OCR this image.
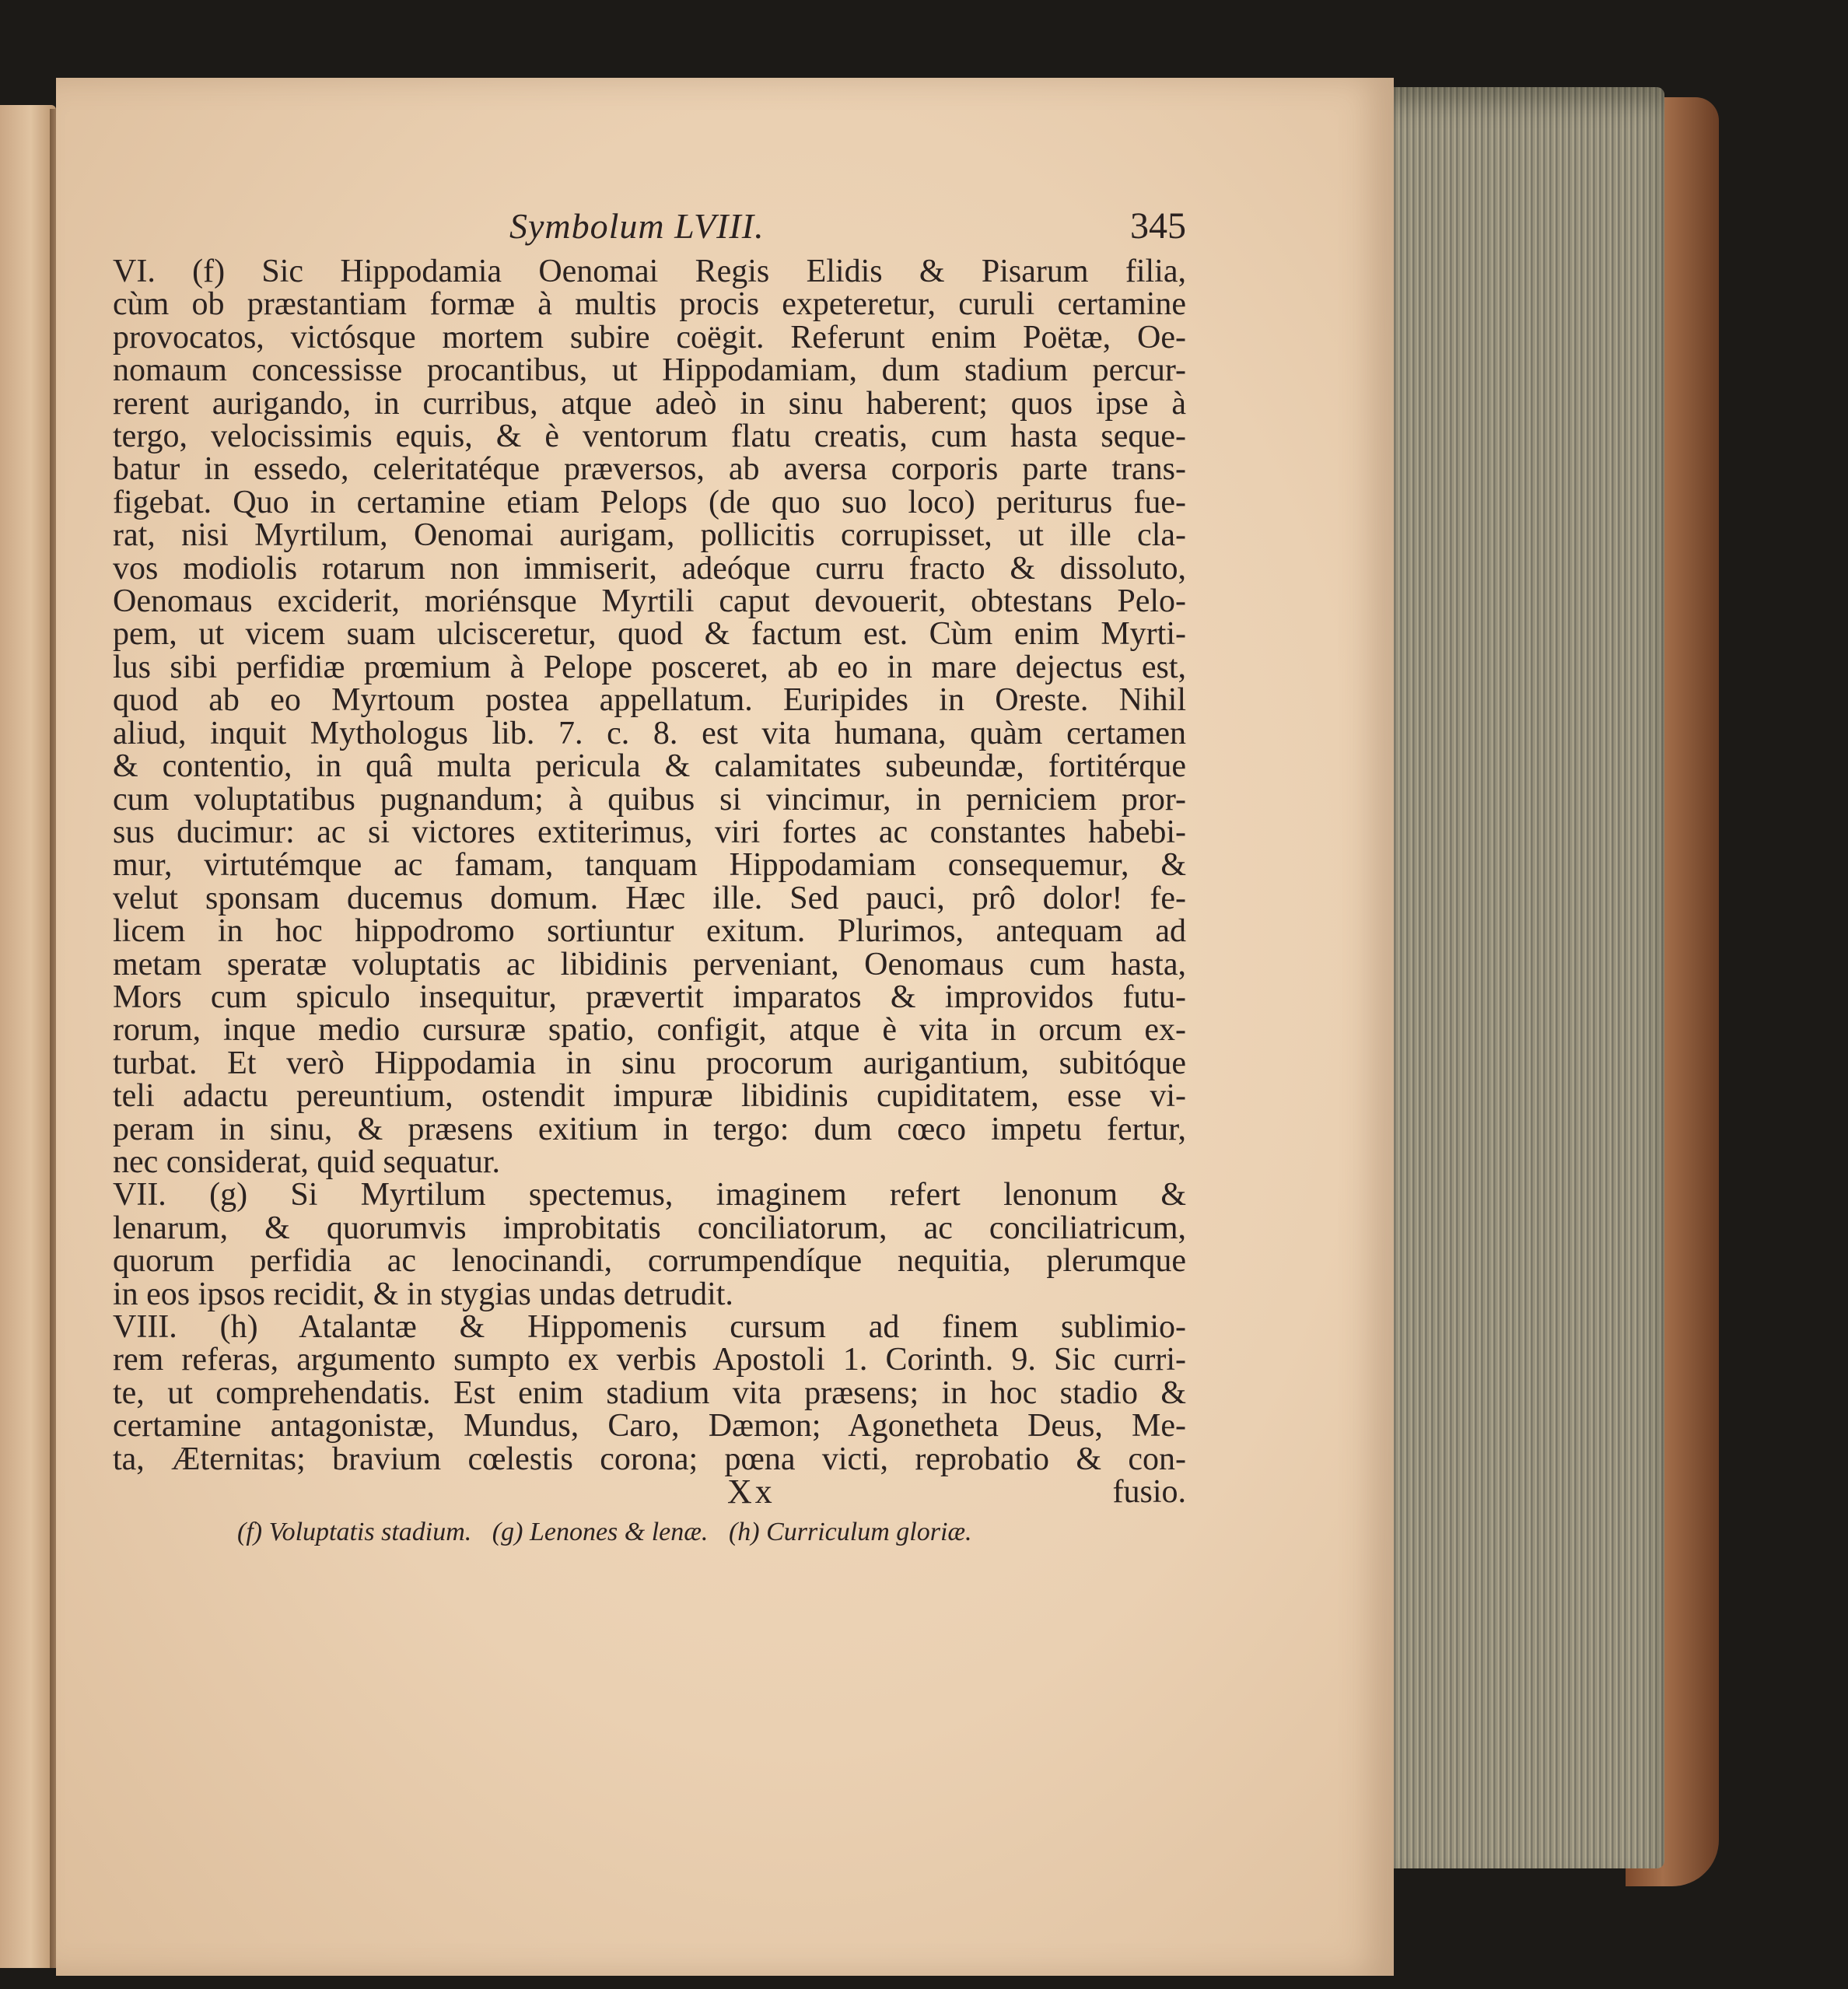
Symbolum LVIII.	345
VI. (f) Sic Hippodamia Oenomai Regis Elidis & Pisarum filia,
cùm ob præstantiam formæ à multis procis expeteretur, curuli certamine
provocatos, victósque mortem subire coëgit. Referunt enim Poëtæ, Oe-
nomaum concessisse procantibus, ut Hippodamiam, dum stadium percur-
rerent aurigando, in curribus, atque adeò in sinu haberent; quos ipse à
tergo, velocissimis equis, & è ventorum flatu creatis, cum hasta seque-
batur in essedo, celeritatéque præversos, ab aversa corporis parte trans-
figebat. Quo in certamine etiam Pelops (de quo suo loco) periturus fue-
rat, nisi Myrtilum, Oenomai aurigam, pollicitis corrupisset, ut ille cla-
vos modiolis rotarum non immiserit, adeóque curru fracto & dissoluto,
Oenomaus exciderit, moriénsque Myrtili caput devouerit, obtestans Pelo-
pem, ut vicem suam ulcisceretur, quod & factum est. Cùm enim Myrti-
lus sibi perfidiæ prœmium à Pelope posceret, ab eo in mare dejectus est,
quod ab eo Myrtoum postea appellatum. Euripides in Oreste. Nihil
aliud, inquit Mythologus lib. 7. c. 8. est vita humana, quàm certamen
& contentio, in quâ multa pericula & calamitates subeundæ, fortitérque
cum voluptatibus pugnandum; à quibus si vincimur, in perniciem pror-
sus ducimur: ac si victores extiterimus, viri fortes ac constantes habebi-
mur, virtutémque ac famam, tanquam Hippodamiam consequemur, &
velut sponsam ducemus domum. Hæc ille. Sed pauci, prô dolor! fe-
licem in hoc hippodromo sortiuntur exitum. Plurimos, antequam ad
metam speratæ voluptatis ac libidinis perveniant, Oenomaus cum hasta,
Mors cum spiculo insequitur, prævertit imparatos & improvidos futu-
rorum, inque medio cursuræ spatio, configit, atque è vita in orcum ex-
turbat. Et verò Hippodamia in sinu procorum aurigantium, subitóque
teli adactu pereuntium, ostendit impuræ libidinis cupiditatem, esse vi-
peram in sinu, & præsens exitium in tergo: dum cœco impetu fertur,
nec considerat, quid sequatur.
VII. (g) Si Myrtilum spectemus, imaginem refert lenonum &
lenarum, & quorumvis improbitatis conciliatorum, ac conciliatricum,
quorum perfidia ac lenocinandi, corrumpendíque nequitia, plerumque
in eos ipsos recidit, & in stygias undas detrudit.
VIII. (h) Atalantæ & Hippomenis cursum ad finem sublimio-
rem referas, argumento sumpto ex verbis Apostoli 1. Corinth. 9. Sic curri-
te, ut comprehendatis. Est enim stadium vita præsens; in hoc stadio &
certamine antagonistæ, Mundus, Caro, Dæmon; Agonetheta Deus, Me-
ta, Æternitas; bravium cœlestis corona; pœna victi, reprobatio & con-
Xx	fusio.
(f) Voluptatis stadium. (g) Lenones & lenæ. (h) Curriculum gloriæ.
